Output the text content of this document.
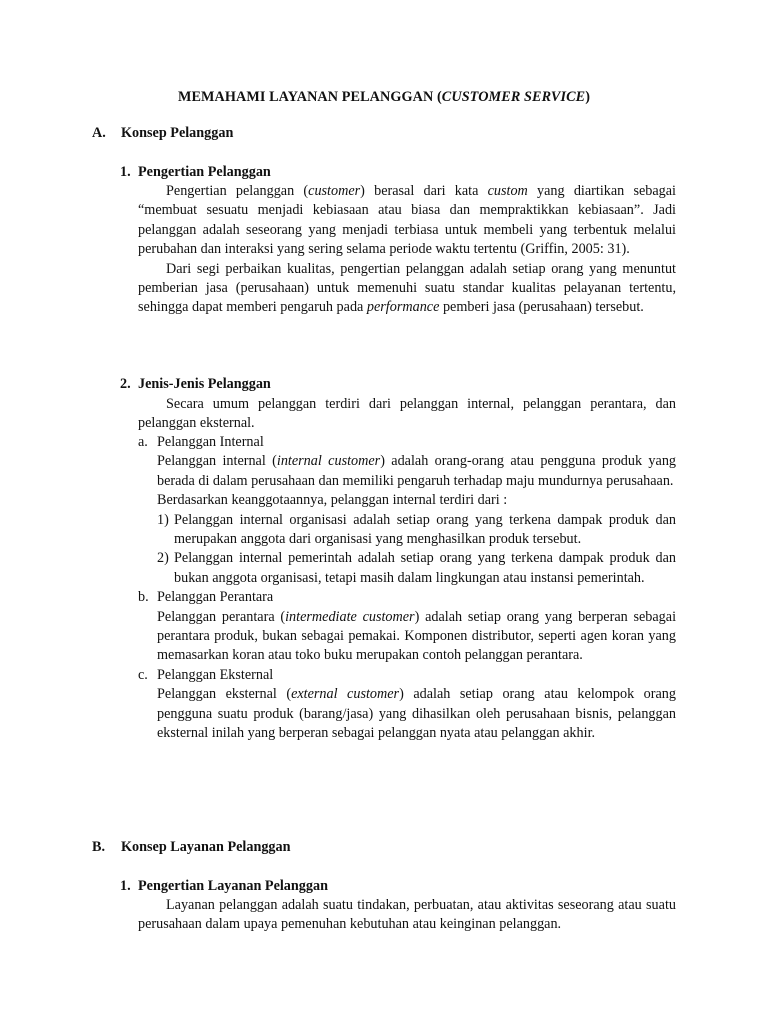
MEMAHAMI LAYANAN PELANGGAN (CUSTOMER SERVICE)
A. Konsep Pelanggan
1. Pengertian Pelanggan

Pengertian pelanggan (customer) berasal dari kata custom yang diartikan sebagai “membuat sesuatu menjadi kebiasaan atau biasa dan mempraktikkan kebiasaan”. Jadi pelanggan adalah seseorang yang menjadi terbiasa untuk membeli yang terbentuk melalui perubahan dan interaksi yang sering selama periode waktu tertentu (Griffin, 2005: 31).

Dari segi perbaikan kualitas, pengertian pelanggan adalah setiap orang yang menuntut pemberian jasa (perusahaan) untuk memenuhi suatu standar kualitas pelayanan tertentu, sehingga dapat memberi pengaruh pada performance pemberi jasa (perusahaan) tersebut.

2. Jenis-Jenis Pelanggan

Secara umum pelanggan terdiri dari pelanggan internal, pelanggan perantara, dan pelanggan eksternal.

a. Pelanggan Internal

Pelanggan internal (internal customer) adalah orang-orang atau pengguna produk yang berada di dalam perusahaan dan memiliki pengaruh terhadap maju mundurnya perusahaan.

Berdasarkan keanggotaannya, pelanggan internal terdiri dari :

1) Pelanggan internal organisasi adalah setiap orang yang terkena dampak produk dan merupakan anggota dari organisasi yang menghasilkan produk tersebut.

2) Pelanggan internal pemerintah adalah setiap orang yang terkena dampak produk dan bukan anggota organisasi, tetapi masih dalam lingkungan atau instansi pemerintah.

b. Pelanggan Perantara

Pelanggan perantara (intermediate customer) adalah setiap orang yang berperan sebagai perantara produk, bukan sebagai pemakai. Komponen distributor, seperti agen koran yang memasarkan koran atau toko buku merupakan contoh pelanggan perantara.

c. Pelanggan Eksternal

Pelanggan eksternal (external customer) adalah setiap orang atau kelompok orang pengguna suatu produk (barang/jasa) yang dihasilkan oleh perusahaan bisnis, pelanggan eksternal inilah yang berperan sebagai pelanggan nyata atau pelanggan akhir.

B. Konsep Layanan Pelanggan
1. Pengertian Layanan Pelanggan

Layanan pelanggan adalah suatu tindakan, perbuatan, atau aktivitas seseorang atau suatu perusahaan dalam upaya pemenuhan kebutuhan atau keinginan pelanggan.
